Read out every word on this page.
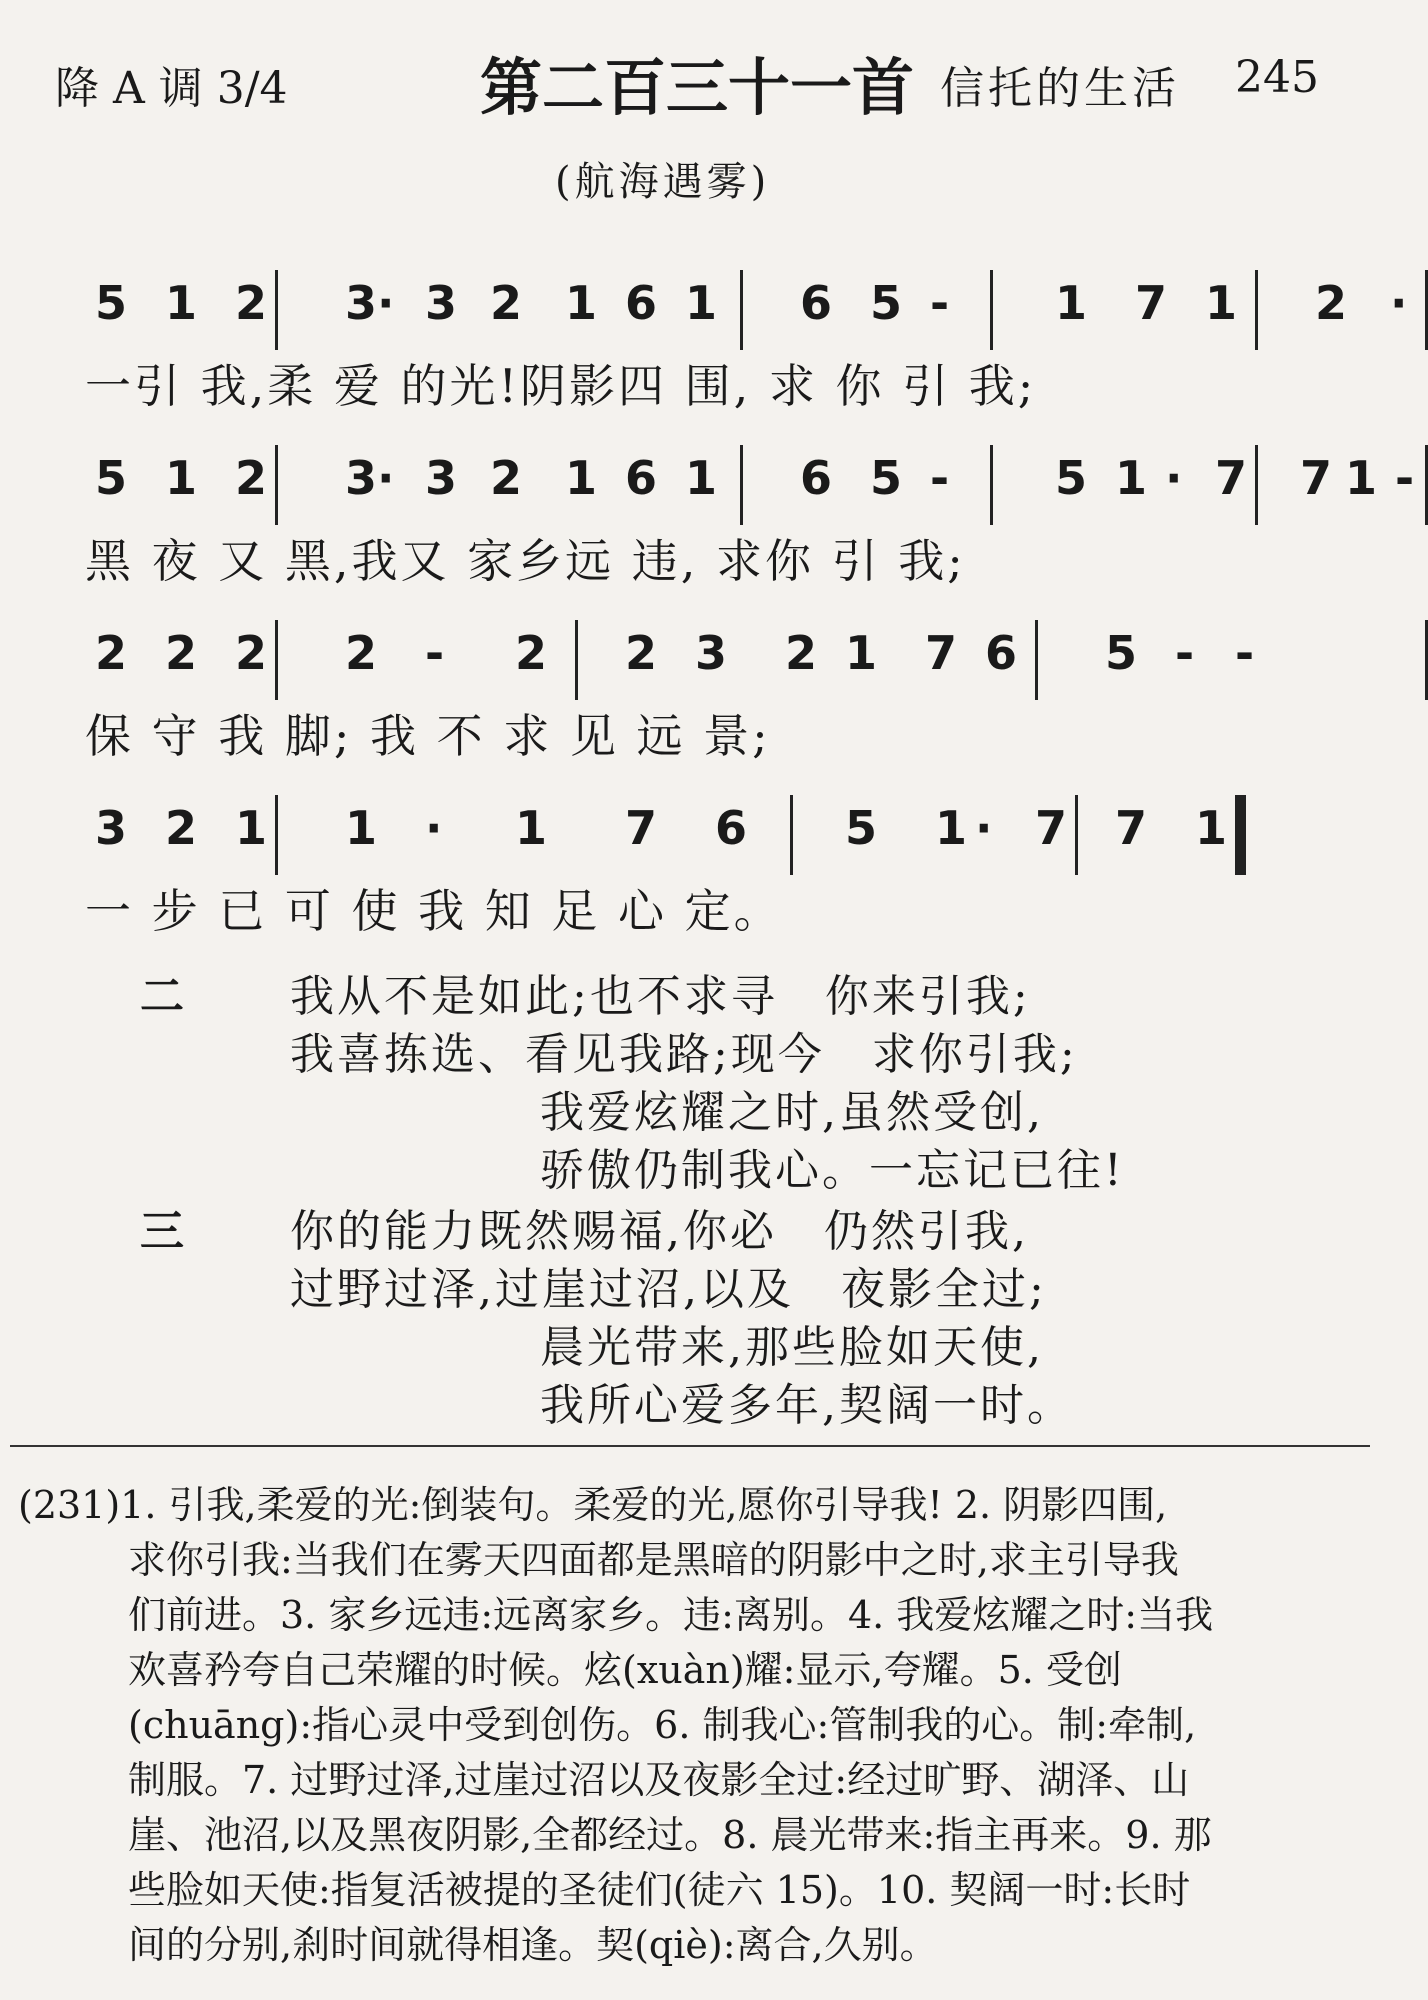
降 A 调 3/4	第二百三十一首 信托的生活 245
(航海遇雾)
5 1 2 3· 3 2 1 6 1 6 5 - 1 7 1 2 ·
一引 我,柔 爱 的光!阴影四 围, 求 你 引 我;
5 1 2 3· 3 2 1 6 1 6 5 - 5 1 · 7 7 1 -
黑 夜 又 黑,我又 家乡远 违, 求你 引 我;
2 2 2 2 - 2 2 3 2 1 7 6 5 - -
保 守 我 脚; 我 不 求 见 远 景;
3 2 1 1 · 1 7 6 5 1 · 7 7 1
一 步 已 可 使 我 知 足 心 定。
二 我从不是如此;也不求寻　你来引我;
我喜拣选、看见我路;现今　求你引我;
我爱炫耀之时,虽然受创,
骄傲仍制我心。一忘记已往!
三 你的能力既然赐福,你必　仍然引我,
过野过泽,过崖过沼,以及　夜影全过;
晨光带来,那些脸如天使,
我所心爱多年,契阔一时。

(231)1. 引我,柔爱的光:倒装句。柔爱的光,愿你引导我! 2. 阴影四围,

求你引我:当我们在雾天四面都是黑暗的阴影中之时,求主引导我

们前进。3. 家乡远违:远离家乡。违:离别。4. 我爱炫耀之时:当我

欢喜矜夸自己荣耀的时候。炫(xuàn)耀:显示,夸耀。5. 受创

(chuāng):指心灵中受到创伤。6. 制我心:管制我的心。制:牵制,

制服。7. 过野过泽,过崖过沼以及夜影全过:经过旷野、湖泽、山

崖、池沼,以及黑夜阴影,全都经过。8. 晨光带来:指主再来。9. 那

些脸如天使:指复活被提的圣徒们(徒六 15)。10. 契阔一时:长时

间的分别,刹时间就得相逢。契(qiè):离合,久别。
